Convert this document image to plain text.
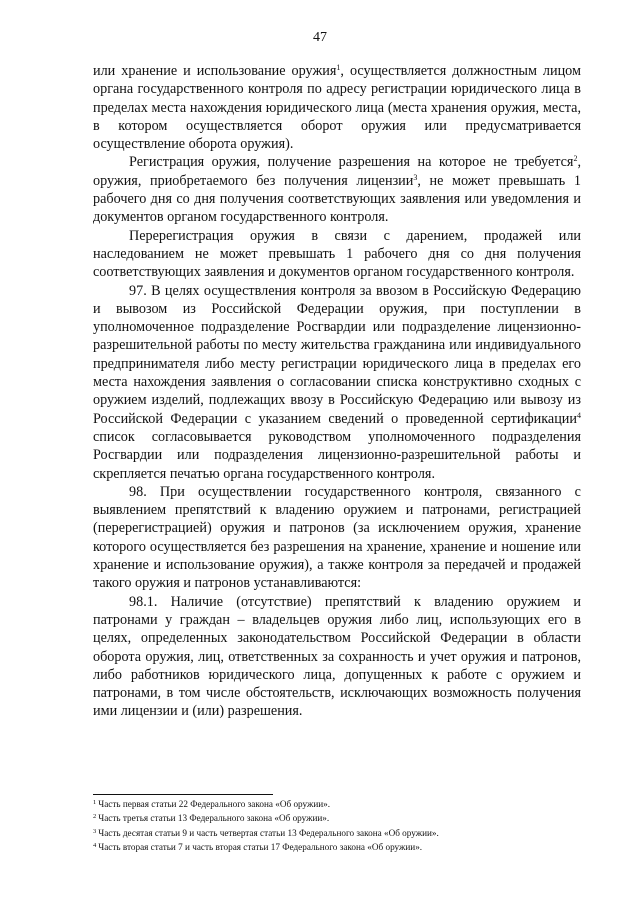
47

или хранение и использование оружия$^1$, осуществляется должностным лицом органа государственного контроля по адресу регистрации юридического лица в пределах места нахождения юридического лица (места хранения оружия, места, в котором осуществляется оборот оружия или предусматривается осуществление оборота оружия).

Регистрация оружия, получение разрешения на которое не требуется$^2$, оружия, приобретаемого без получения лицензии$^3$, не может превышать 1 рабочего дня со дня получения соответствующих заявления или уведомления и документов органом государственного контроля.

Перерегистрация оружия в связи с дарением, продажей или наследованием не может превышать 1 рабочего дня со дня получения соответствующих заявления и документов органом государственного контроля.

97. В целях осуществления контроля за ввозом в Российскую Федерацию и вывозом из Российской Федерации оружия, при поступлении в уполномоченное подразделение Росгвардии или подразделение лицензионно-разрешительной работы по месту жительства гражданина или индивидуального предпринимателя либо месту регистрации юридического лица в пределах его места нахождения заявления о согласовании списка конструктивно сходных с оружием изделий, подлежащих ввозу в Российскую Федерацию или вывозу из Российской Федерации с указанием сведений о проведенной сертификации$^4$ список согласовывается руководством уполномоченного подразделения Росгвардии или подразделения лицензионно-разрешительной работы и скрепляется печатью органа государственного контроля.

98. При осуществлении государственного контроля, связанного с выявлением препятствий к владению оружием и патронами, регистрацией (перерегистрацией) оружия и патронов (за исключением оружия, хранение которого осуществляется без разрешения на хранение, хранение и ношение или хранение и использование оружия), а также контроля за передачей и продажей такого оружия и патронов устанавливаются:

98.1. Наличие (отсутствие) препятствий к владению оружием и патронами у граждан – владельцев оружия либо лиц, использующих его в целях, определенных законодательством Российской Федерации в области оборота оружия, лиц, ответственных за сохранность и учет оружия и патронов, либо работников юридического лица, допущенных к работе с оружием и патронами, в том числе обстоятельств, исключающих возможность получения ими лицензии и (или) разрешения.

$^1$ Часть первая статьи 22 Федерального закона «Об оружии».
$^2$ Часть третья статьи 13 Федерального закона «Об оружии».
$^3$ Часть десятая статьи 9 и часть четвертая статьи 13 Федерального закона «Об оружии».
$^4$ Часть вторая статьи 7 и часть вторая статьи 17 Федерального закона «Об оружии».
